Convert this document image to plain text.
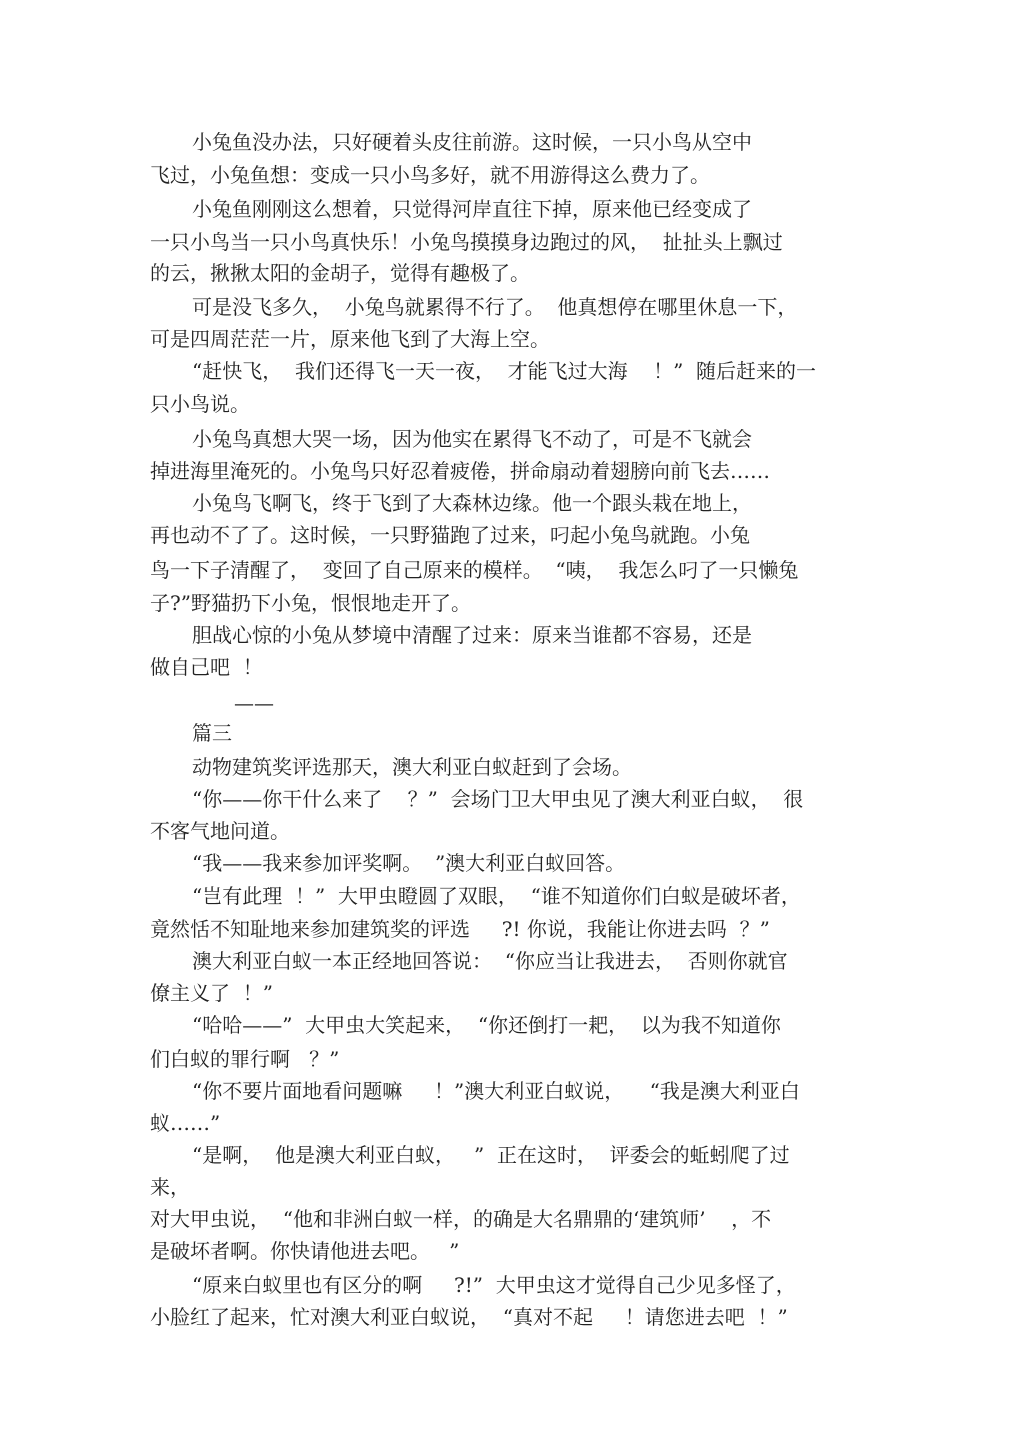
小兔鱼没办法，只好硬着头皮往前游。这时候，一只小鸟从空中
飞过，小兔鱼想：变成一只小鸟多好，就不用游得这么费力了。
小兔鱼刚刚这么想着，只觉得河岸直往下掉，原来他已经变成了
一只小鸟当一只小鸟真快乐！小兔鸟摸摸身边跑过的风，  扯扯头上飘过
的云，揪揪太阳的金胡子，觉得有趣极了。
可是没飞多久，  小兔鸟就累得不行了。  他真想停在哪里休息一下，
可是四周茫茫一片，原来他飞到了大海上空。
“赶快飞，  我们还得飞一天一夜，  才能飞过大海    ！”  随后赶来的一
只小鸟说。
小兔鸟真想大哭一场，因为他实在累得飞不动了，可是不飞就会
掉进海里淹死的。小兔鸟只好忍着疲倦，拼命扇动着翅膀向前飞去……
小兔鸟飞啊飞，终于飞到了大森林边缘。他一个跟头栽在地上，
再也动不了了。这时候，一只野猫跑了过来，叼起小兔鸟就跑。小兔
鸟一下子清醒了，  变回了自己原来的模样。  “咦，  我怎么叼了一只懒兔
子?”野猫扔下小兔，恨恨地走开了。
胆战心惊的小兔从梦境中清醒了过来：原来当谁都不容易，还是
做自己吧  ！
——
篇三
动物建筑奖评选那天，澳大利亚白蚁赶到了会场。
“你——你干什么来了    ？”  会场门卫大甲虫见了澳大利亚白蚁，  很
不客气地问道。
“我——我来参加评奖啊。  ”澳大利亚白蚁回答。
“岂有此理  ！”  大甲虫瞪圆了双眼，  “谁不知道你们白蚁是破坏者，
竟然恬不知耻地来参加建筑奖的评选     ?! 你说，我能让你进去吗  ？”
澳大利亚白蚁一本正经地回答说：  “你应当让我进去，  否则你就官
僚主义了  ！”
“哈哈——”  大甲虫大笑起来，  “你还倒打一耙，  以为我不知道你
们白蚁的罪行啊   ？”
“你不要片面地看问题嘛     ！”澳大利亚白蚁说，    “我是澳大利亚白
蚁……”
“是啊，  他是澳大利亚白蚁，   ”  正在这时，  评委会的蚯蚓爬了过
来，
对大甲虫说，  “他和非洲白蚁一样，的确是大名鼎鼎的‘建筑师’    ，不
是破坏者啊。你快请他进去吧。   ”
“原来白蚁里也有区分的啊     ?!”  大甲虫这才觉得自己少见多怪了，
小脸红了起来，忙对澳大利亚白蚁说，  “真对不起     ！请您进去吧  ！”
